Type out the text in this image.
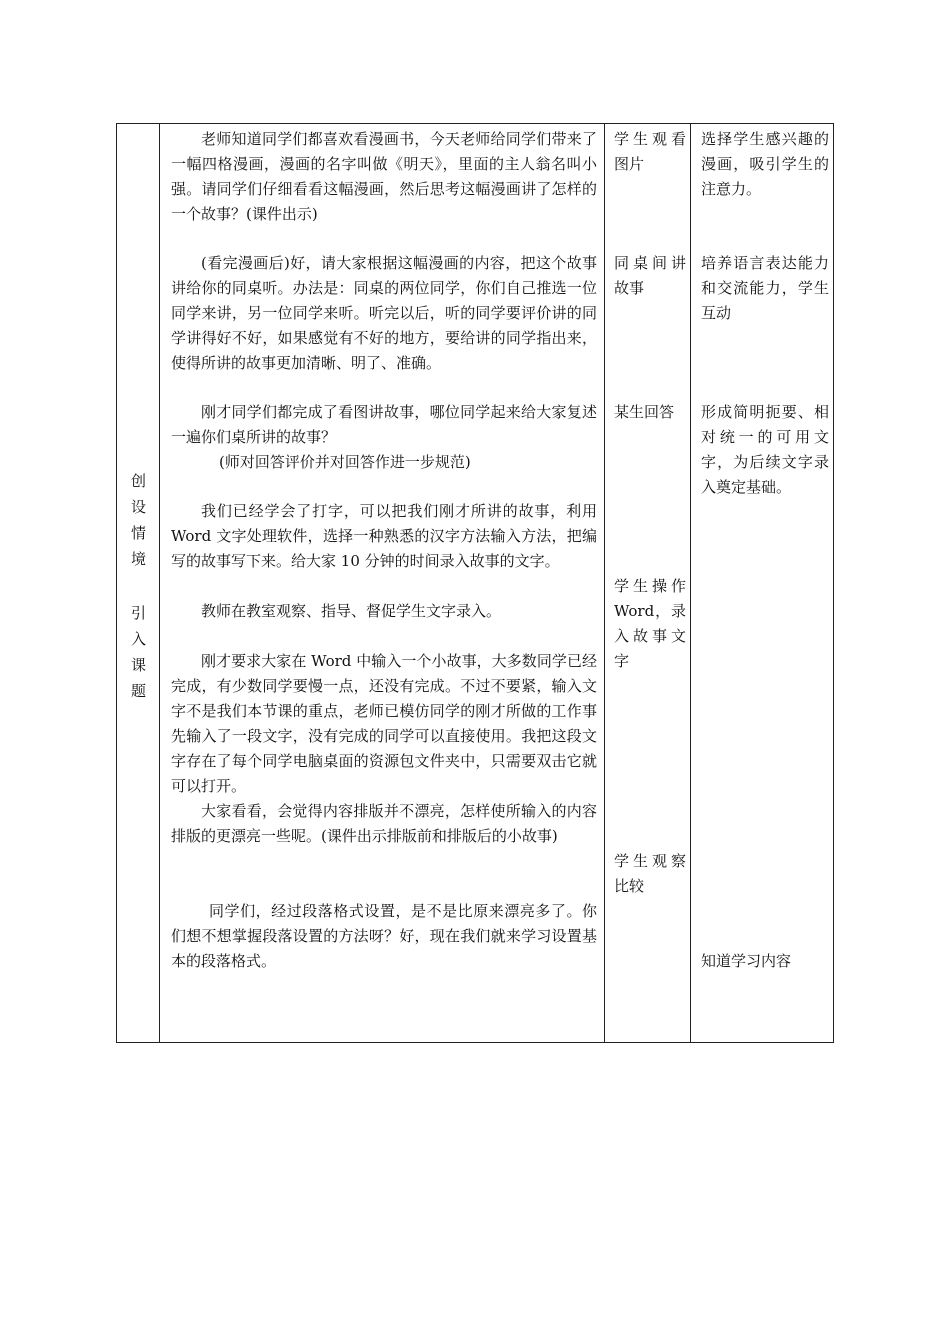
创
设
情
境
引
入
课
题

老师知道同学们都喜欢看漫画书，今天老师给同学们带来了一幅四格漫画，漫画的名字叫做《明天》，里面的主人翁名叫小强。请同学们仔细看看这幅漫画，然后思考这幅漫画讲了怎样的一个故事？(课件出示)

(看完漫画后)好，请大家根据这幅漫画的内容，把这个故事讲给你的同桌听。办法是：同桌的两位同学，你们自己推选一位同学来讲，另一位同学来听。听完以后，听的同学要评价讲的同学讲得好不好，如果感觉有不好的地方，要给讲的同学指出来，使得所讲的故事更加清晰、明了、准确。

刚才同学们都完成了看图讲故事，哪位同学起来给大家复述一遍你们桌所讲的故事？

(师对回答评价并对回答作进一步规范)

我们已经学会了打字，可以把我们刚才所讲的故事，利用 Word 文字处理软件，选择一种熟悉的汉字方法输入方法，把编写的故事写下来。给大家 10 分钟的时间录入故事的文字。

教师在教室观察、指导、督促学生文字录入。

刚才要求大家在 Word 中输入一个小故事，大多数同学已经完成，有少数同学要慢一点，还没有完成。不过不要紧，输入文字不是我们本节课的重点，老师已模仿同学的刚才所做的工作事先输入了一段文字，没有完成的同学可以直接使用。我把这段文字存在了每个同学电脑桌面的资源包文件夹中，只需要双击它就可以打开。

大家看看，会觉得内容排版并不漂亮，怎样使所输入的内容排版的更漂亮一些呢。(课件出示排版前和排版后的小故事)

同学们，经过段落格式设置，是不是比原来漂亮多了。你们想不想掌握段落设置的方法呀？好，现在我们就来学习设置基本的段落格式。

学生观看图片

同桌间讲故事

某生回答

学生操作 Word，录入故事文字

学生观察比较

选择学生感兴趣的漫画，吸引学生的注意力。

培养语言表达能力和交流能力，学生互动

形成简明扼要、相对统一的可用文字，为后续文字录入奠定基础。

知道学习内容
